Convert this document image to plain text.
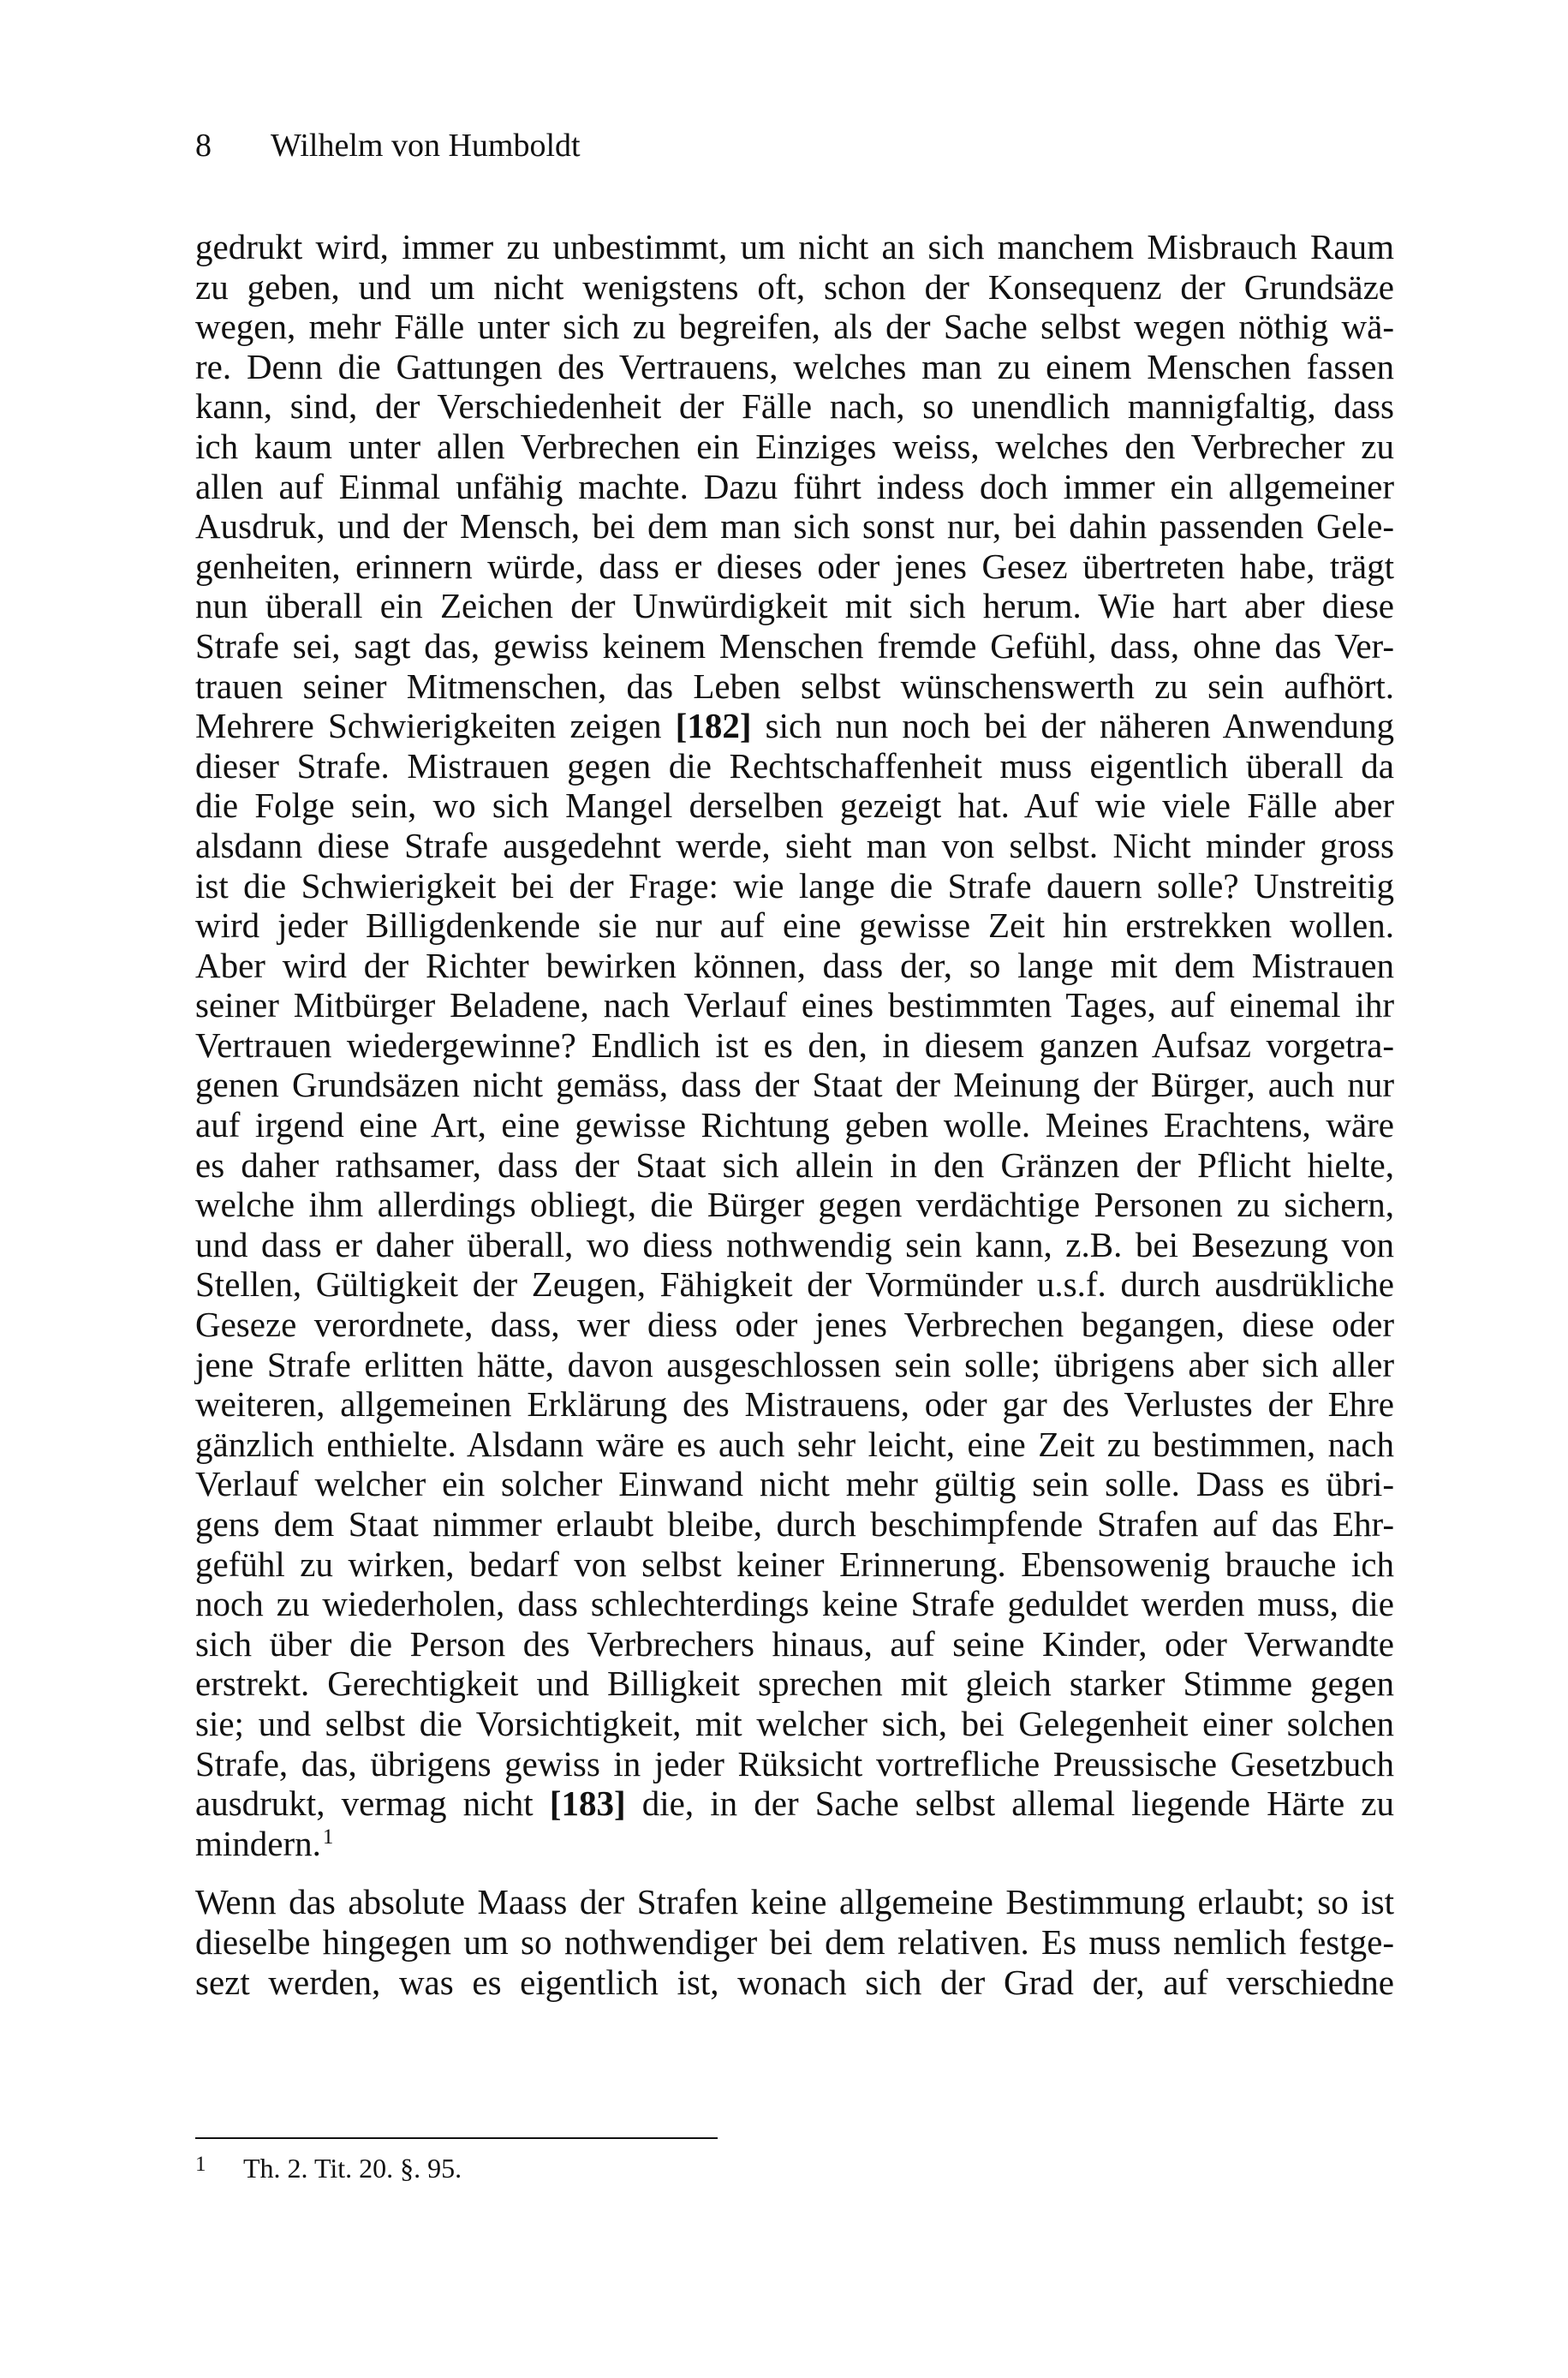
8 Wilhelm von Humboldt
gedrukt wird, immer zu unbestimmt, um nicht an sich manchem Misbrauch Raum
zu geben, und um nicht wenigstens oft, schon der Konsequenz der Grundsäze
wegen, mehr Fälle unter sich zu begreifen, als der Sache selbst wegen nöthig wä-
re. Denn die Gattungen des Vertrauens, welches man zu einem Menschen fassen
kann, sind, der Verschiedenheit der Fälle nach, so unendlich mannigfaltig, dass
ich kaum unter allen Verbrechen ein Einziges weiss, welches den Verbrecher zu
allen auf Einmal unfähig machte. Dazu führt indess doch immer ein allgemeiner
Ausdruk, und der Mensch, bei dem man sich sonst nur, bei dahin passenden Gele-
genheiten, erinnern würde, dass er dieses oder jenes Gesez übertreten habe, trägt
nun überall ein Zeichen der Unwürdigkeit mit sich herum. Wie hart aber diese
Strafe sei, sagt das, gewiss keinem Menschen fremde Gefühl, dass, ohne das Ver-
trauen seiner Mitmenschen, das Leben selbst wünschenswerth zu sein aufhört.
Mehrere Schwierigkeiten zeigen [182] sich nun noch bei der näheren Anwendung
dieser Strafe. Mistrauen gegen die Rechtschaffenheit muss eigentlich überall da
die Folge sein, wo sich Mangel derselben gezeigt hat. Auf wie viele Fälle aber
alsdann diese Strafe ausgedehnt werde, sieht man von selbst. Nicht minder gross
ist die Schwierigkeit bei der Frage: wie lange die Strafe dauern solle? Unstreitig
wird jeder Billigdenkende sie nur auf eine gewisse Zeit hin erstrekken wollen.
Aber wird der Richter bewirken können, dass der, so lange mit dem Mistrauen
seiner Mitbürger Beladene, nach Verlauf eines bestimmten Tages, auf einemal ihr
Vertrauen wiedergewinne? Endlich ist es den, in diesem ganzen Aufsaz vorgetra-
genen Grundsäzen nicht gemäss, dass der Staat der Meinung der Bürger, auch nur
auf irgend eine Art, eine gewisse Richtung geben wolle. Meines Erachtens, wäre
es daher rathsamer, dass der Staat sich allein in den Gränzen der Pflicht hielte,
welche ihm allerdings obliegt, die Bürger gegen verdächtige Personen zu sichern,
und dass er daher überall, wo diess nothwendig sein kann, z.B. bei Besezung von
Stellen, Gültigkeit der Zeugen, Fähigkeit der Vormünder u.s.f. durch ausdrükliche
Geseze verordnete, dass, wer diess oder jenes Verbrechen begangen, diese oder
jene Strafe erlitten hätte, davon ausgeschlossen sein solle; übrigens aber sich aller
weiteren, allgemeinen Erklärung des Mistrauens, oder gar des Verlustes der Ehre
gänzlich enthielte. Alsdann wäre es auch sehr leicht, eine Zeit zu bestimmen, nach
Verlauf welcher ein solcher Einwand nicht mehr gültig sein solle. Dass es übri-
gens dem Staat nimmer erlaubt bleibe, durch beschimpfende Strafen auf das Ehr-
gefühl zu wirken, bedarf von selbst keiner Erinnerung. Ebensowenig brauche ich
noch zu wiederholen, dass schlechterdings keine Strafe geduldet werden muss, die
sich über die Person des Verbrechers hinaus, auf seine Kinder, oder Verwandte
erstrekt. Gerechtigkeit und Billigkeit sprechen mit gleich starker Stimme gegen
sie; und selbst die Vorsichtigkeit, mit welcher sich, bei Gelegenheit einer solchen
Strafe, das, übrigens gewiss in jeder Rüksicht vortrefliche Preussische Gesetzbuch
ausdrukt, vermag nicht [183] die, in der Sache selbst allemal liegende Härte zu
mindern.$^1$
Wenn das absolute Maass der Strafen keine allgemeine Bestimmung erlaubt; so ist
dieselbe hingegen um so nothwendiger bei dem relativen. Es muss nemlich festge-
sezt werden, was es eigentlich ist, wonach sich der Grad der, auf verschiedne
1 Th. 2. Tit. 20. §. 95.
